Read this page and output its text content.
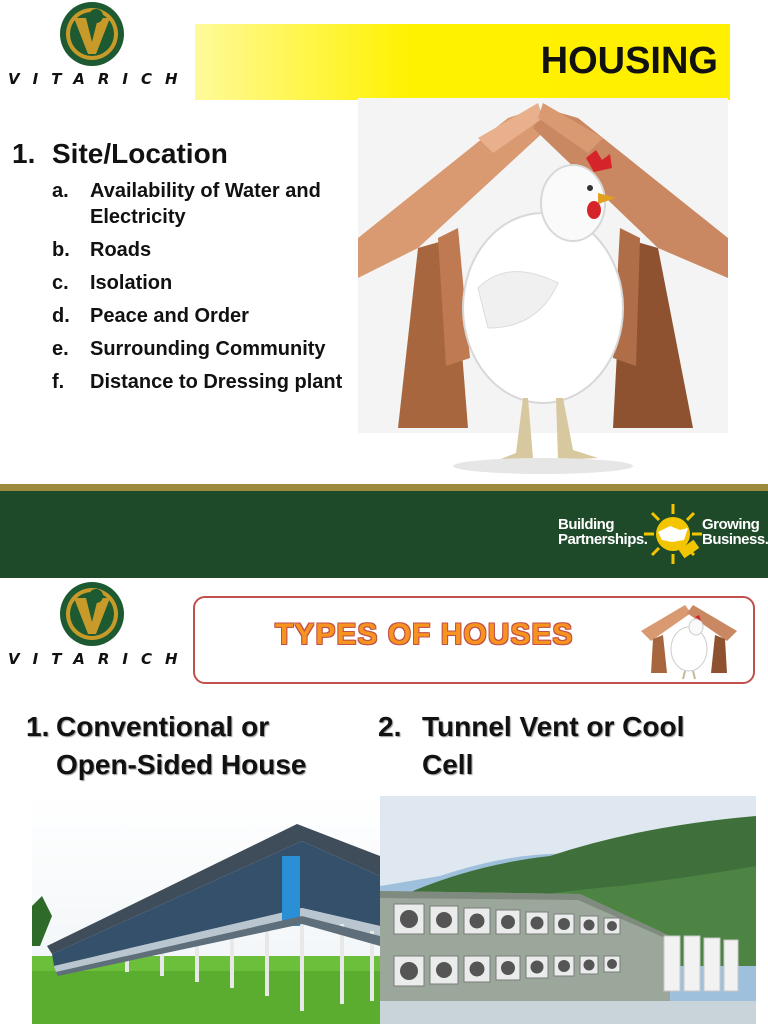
VITARICH	HOUSING
1. Site/Location
a. Availability of Water and Electricity
b. Roads
c. Isolation
d. Peace and Order
e. Surrounding Community
f. Distance to Dressing plant
Building
Partnerships.
Growing
Business.
VITARICH
TYPES OF HOUSES
1. Conventional or
Open-Sided House
2. Tunnel Vent or Cool
Cell
